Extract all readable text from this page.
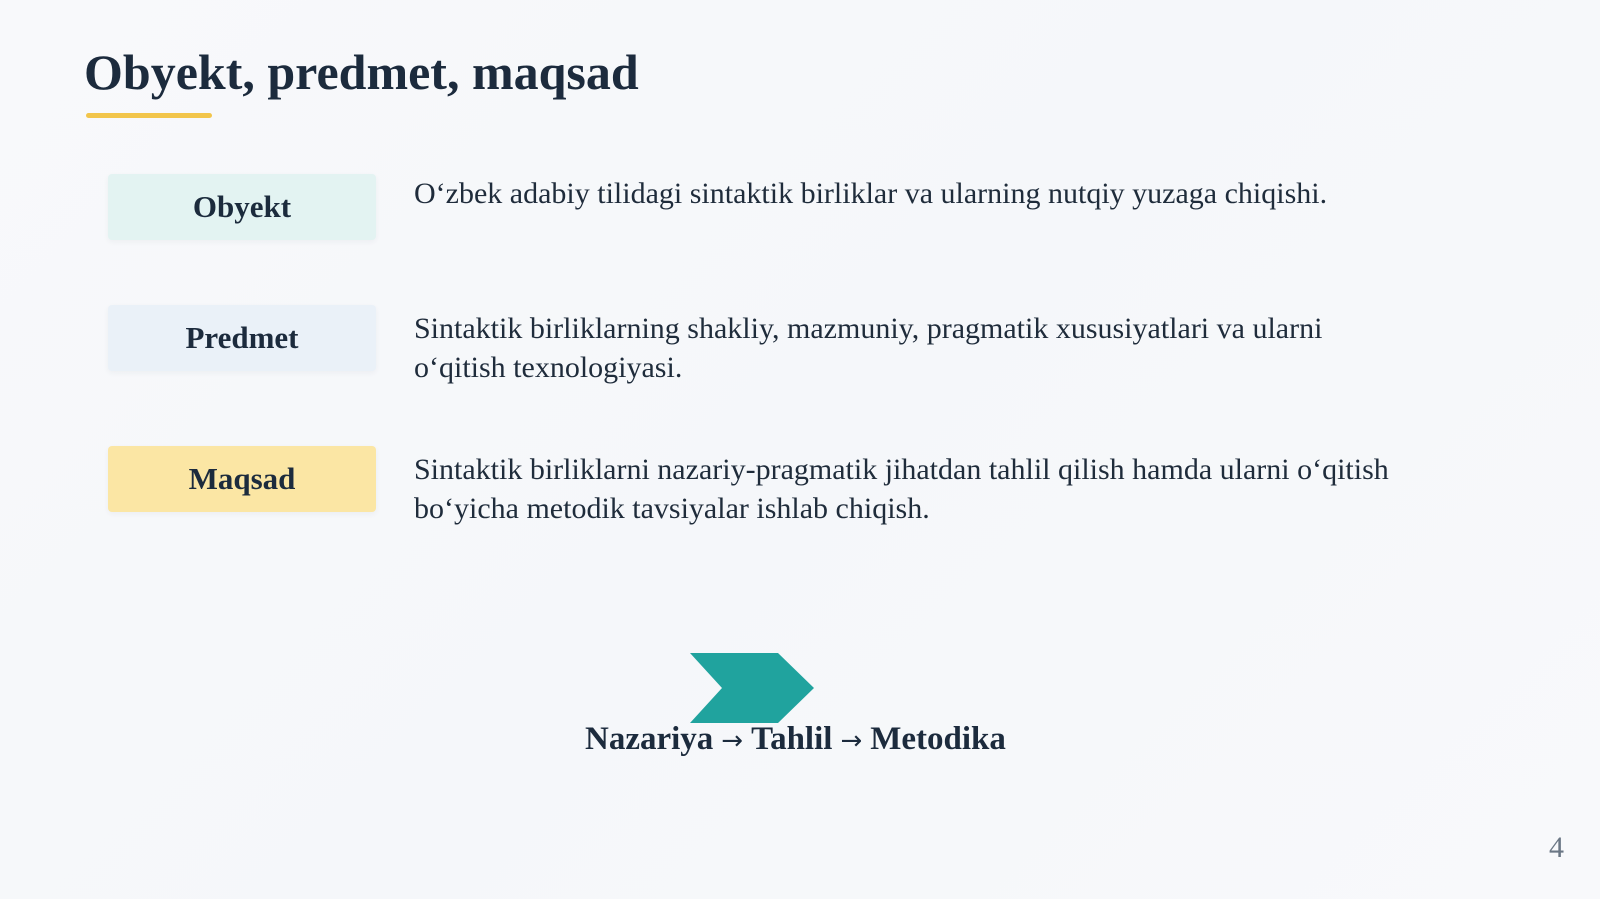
Obyekt, predmet, maqsad
Obyekt	O‘zbek adabiy tilidagi sintaktik birliklar va ularning nutqiy yuzaga chiqishi.

Predmet	Sintaktik birliklarning shakliy, mazmuniy, pragmatik xususiyatlari va ularni o‘qitish texnologiyasi.

Maqsad	Sintaktik birliklarni nazariy-pragmatik jihatdan tahlil qilish hamda ularni o‘qitish bo‘yicha metodik tavsiyalar ishlab chiqish.

Nazariya → Tahlil → Metodika

4
